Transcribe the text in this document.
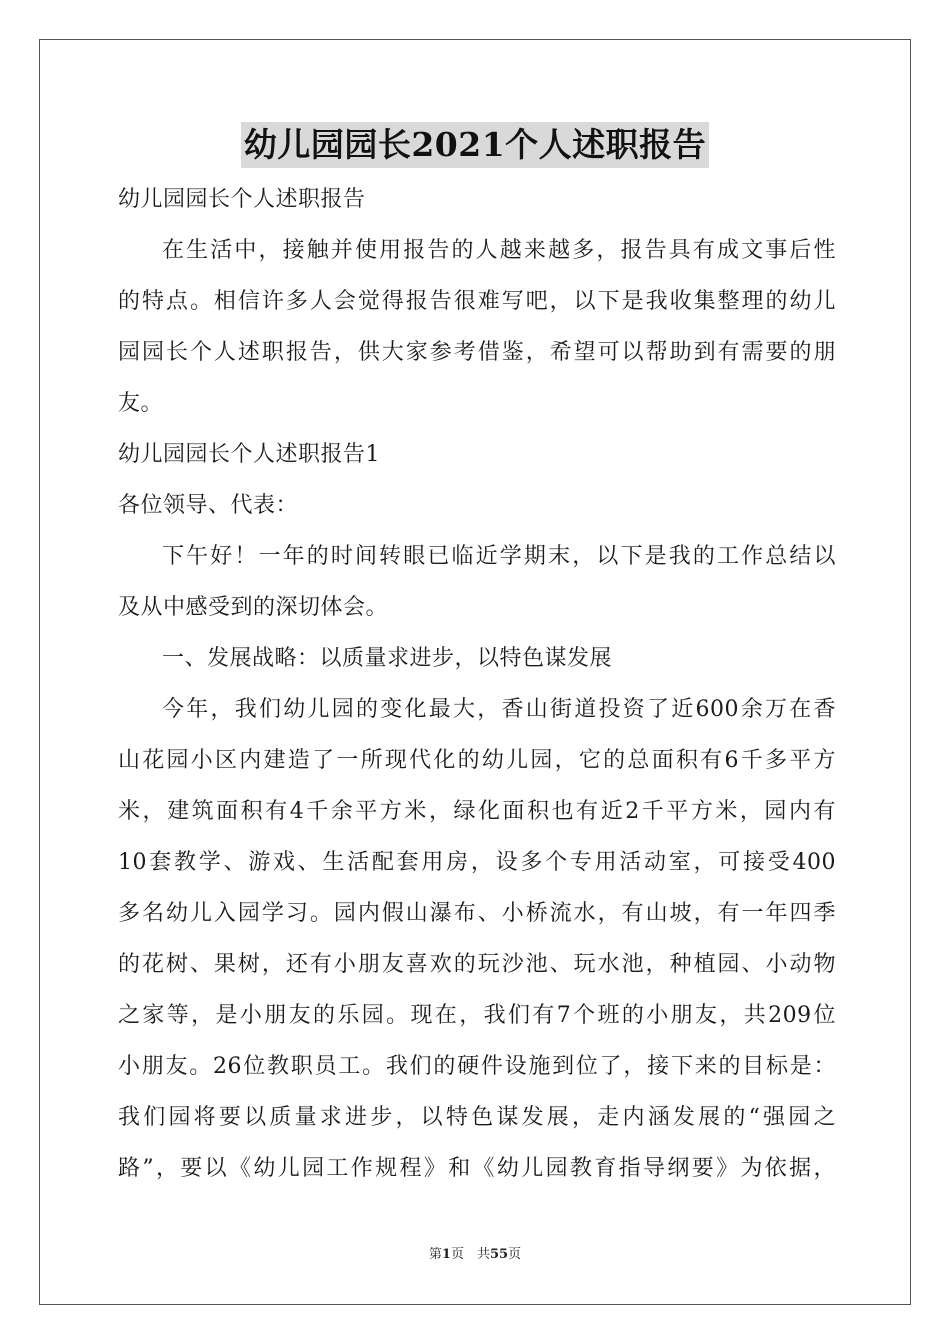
幼儿园园长2021个人述职报告
幼儿园园长个人述职报告
在生活中，接触并使用报告的人越来越多，报告具有成文事后性
的特点。相信许多人会觉得报告很难写吧，以下是我收集整理的幼儿
园园长个人述职报告，供大家参考借鉴，希望可以帮助到有需要的朋
友。
幼儿园园长个人述职报告1
各位领导、代表：
下午好！一年的时间转眼已临近学期末，以下是我的工作总结以
及从中感受到的深切体会。
一、发展战略：以质量求进步，以特色谋发展
今年，我们幼儿园的变化最大，香山街道投资了近600余万在香
山花园小区内建造了一所现代化的幼儿园，它的总面积有6千多平方
米，建筑面积有4千余平方米，绿化面积也有近2千平方米，园内有
10套教学、游戏、生活配套用房，设多个专用活动室，可接受400
多名幼儿入园学习。园内假山瀑布、小桥流水，有山坡，有一年四季
的花树、果树，还有小朋友喜欢的玩沙池、玩水池，种植园、小动物
之家等，是小朋友的乐园。现在，我们有7个班的小朋友，共209位
小朋友。26位教职员工。我们的硬件设施到位了，接下来的目标是：
我们园将要以质量求进步，以特色谋发展，走内涵发展的“强园之
路”，要以《幼儿园工作规程》和《幼儿园教育指导纲要》为依据，
第1页　共55页
